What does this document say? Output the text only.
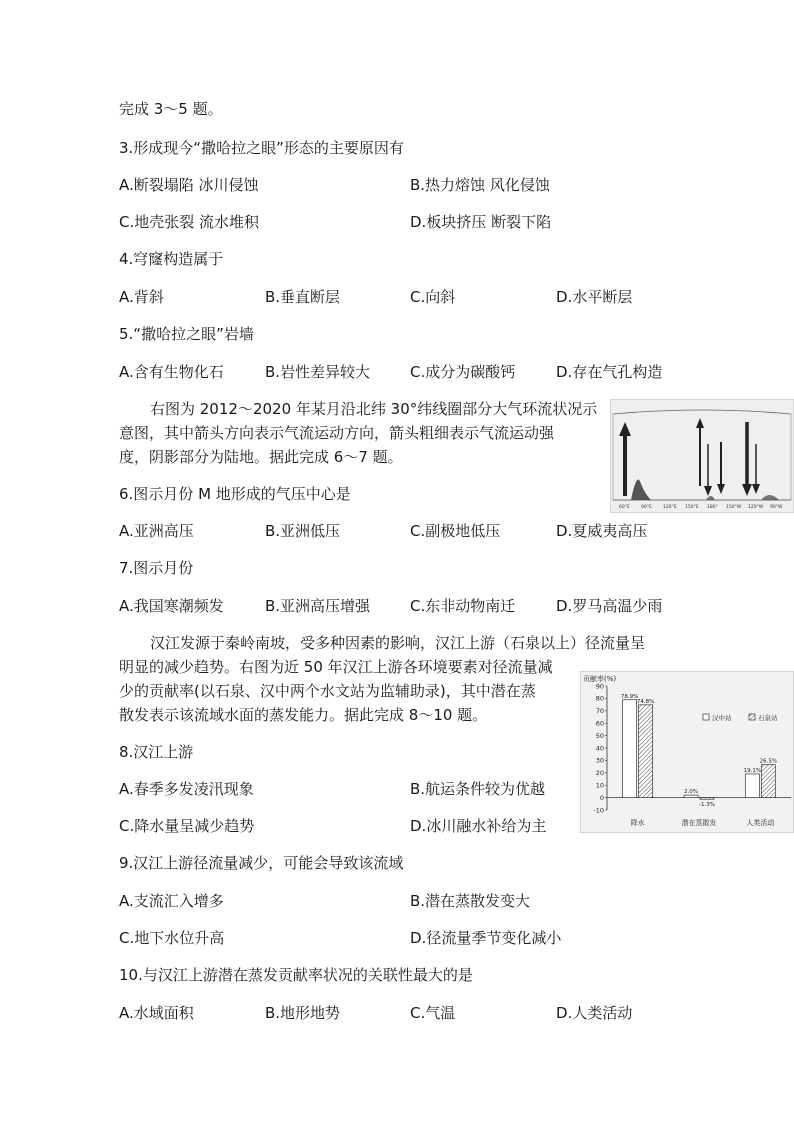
完成 3～5 题。
3.形成现今“撒哈拉之眼”形态的主要原因有
A.断裂塌陷 冰川侵蚀	B.热力熔蚀 风化侵蚀
C.地壳张裂 流水堆积	D.板块挤压 断裂下陷
4.穹窿构造属于
A.背斜	B.垂直断层	C.向斜	D.水平断层
5.“撒哈拉之眼”岩墙
A.含有生物化石	B.岩性差异较大	C.成分为碳酸钙	D.存在气孔构造
右图为 2012～2020 年某月沿北纬 30°纬线圈部分大气环流状况示
意图，其中箭头方向表示气流运动方向，箭头粗细表示气流运动强
度，阴影部分为陆地。据此完成 6～7 题。
60°E 90°E 120°E 150°E 180° 150°W 120°W 90°W
6.图示月份 M 地形成的气压中心是
A.亚洲高压	B.亚洲低压	C.副极地低压	D.夏威夷高压
7.图示月份
A.我国寒潮频发	B.亚洲高压增强	C.东非动物南迁	D.罗马高温少雨
汉江发源于秦岭南坡，受多种因素的影响，汉江上游（石泉以上）径流量呈
明显的减少趋势。右图为近 50 年汉江上游各环境要素对径流量减
少的贡献率(以石泉、汉中两个水文站为监辅助录)，其中潜在蒸
散发表示该流域水面的蒸发能力。据此完成 8～10 题。
贡献率(%)
90
80
70
60
50
40
30
20
10
0
-10
78.9%
74.8%
降水
2.0%
-1.3%
潜在蒸散发
19.1%
26.5%
人类活动
汉中站	石泉站
8.汉江上游
A.春季多发凌汛现象	B.航运条件较为优越
C.降水量呈减少趋势	D.冰川融水补给为主
9.汉江上游径流量减少，可能会导致该流域
A.支流汇入增多	B.潜在蒸散发变大
C.地下水位升高	D.径流量季节变化减小
10.与汉江上游潜在蒸发贡献率状况的关联性最大的是
A.水域面积	B.地形地势	C.气温	D.人类活动
